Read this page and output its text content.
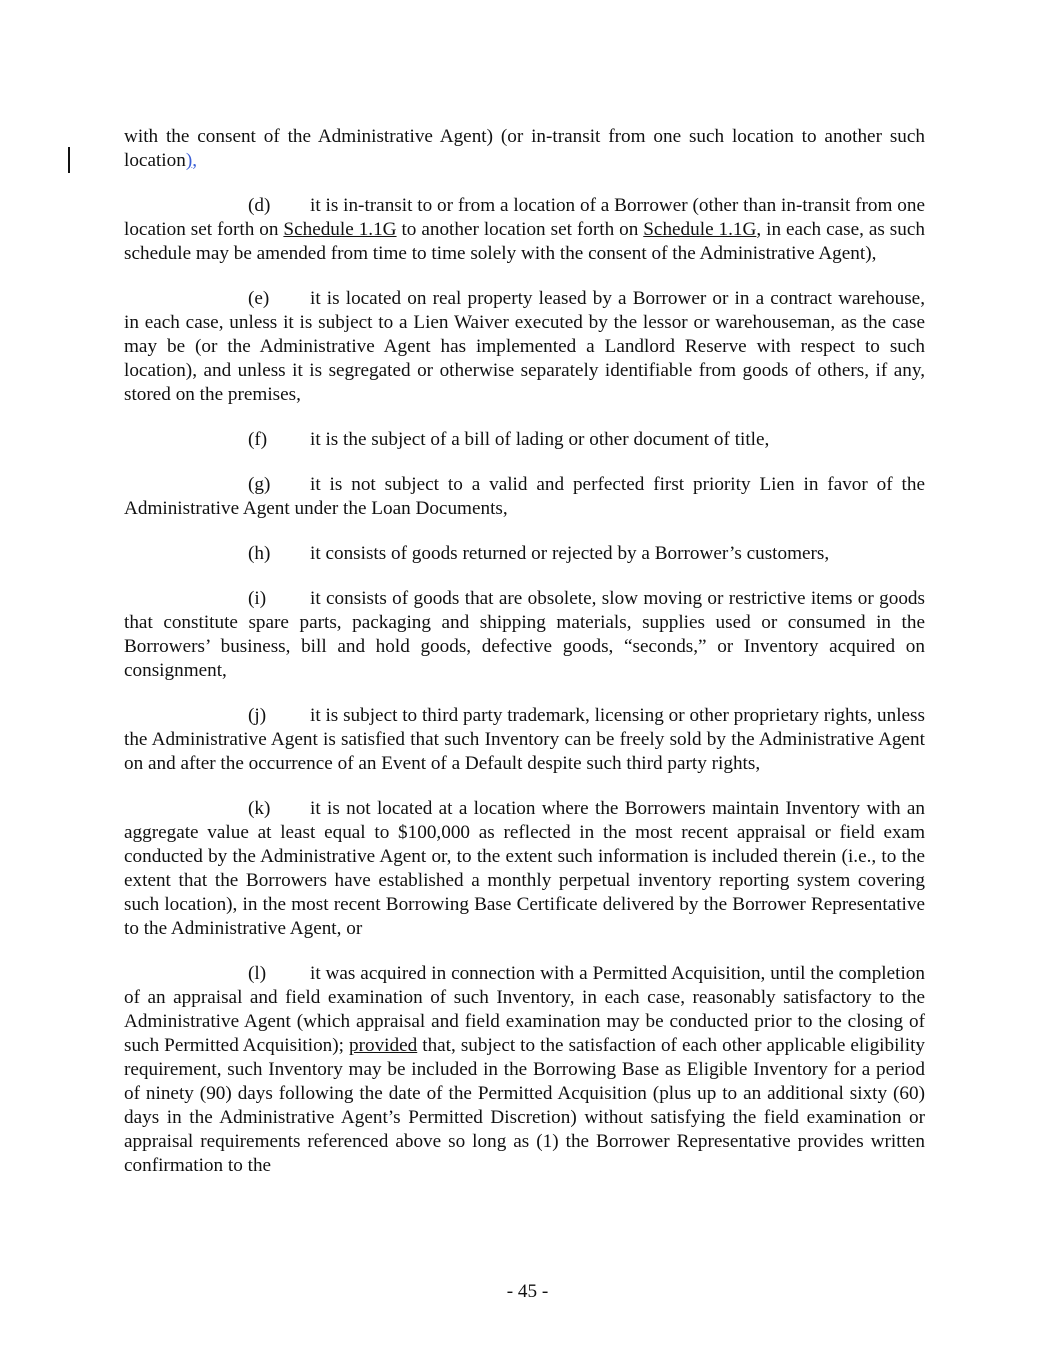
with the consent of the Administrative Agent) (or in-transit from one such location to another such location),

(d) it is in-transit to or from a location of a Borrower (other than in-transit from one location set forth on Schedule 1.1G to another location set forth on Schedule 1.1G, in each case, as such schedule may be amended from time to time solely with the consent of the Administrative Agent),

(e) it is located on real property leased by a Borrower or in a contract warehouse, in each case, unless it is subject to a Lien Waiver executed by the lessor or warehouseman, as the case may be (or the Administrative Agent has implemented a Landlord Reserve with respect to such location), and unless it is segregated or otherwise separately identifiable from goods of others, if any, stored on the premises,

(f) it is the subject of a bill of lading or other document of title,

(g) it is not subject to a valid and perfected first priority Lien in favor of the Administrative Agent under the Loan Documents,

(h) it consists of goods returned or rejected by a Borrower’s customers,

(i) it consists of goods that are obsolete, slow moving or restrictive items or goods that constitute spare parts, packaging and shipping materials, supplies used or consumed in the Borrowers’ business, bill and hold goods, defective goods, “seconds,” or Inventory acquired on consignment,

(j) it is subject to third party trademark, licensing or other proprietary rights, unless the Administrative Agent is satisfied that such Inventory can be freely sold by the Administrative Agent on and after the occurrence of an Event of a Default despite such third party rights,

(k) it is not located at a location where the Borrowers maintain Inventory with an aggregate value at least equal to $100,000 as reflected in the most recent appraisal or field exam conducted by the Administrative Agent or, to the extent such information is included therein (i.e., to the extent that the Borrowers have established a monthly perpetual inventory reporting system covering such location), in the most recent Borrowing Base Certificate delivered by the Borrower Representative to the Administrative Agent, or

(l) it was acquired in connection with a Permitted Acquisition, until the completion of an appraisal and field examination of such Inventory, in each case, reasonably satisfactory to the Administrative Agent (which appraisal and field examination may be conducted prior to the closing of such Permitted Acquisition); provided that, subject to the satisfaction of each other applicable eligibility requirement, such Inventory may be included in the Borrowing Base as Eligible Inventory for a period of ninety (90) days following the date of the Permitted Acquisition (plus up to an additional sixty (60) days in the Administrative Agent’s Permitted Discretion) without satisfying the field examination or appraisal requirements referenced above so long as (1) the Borrower Representative provides written confirmation to the

- 45 -
